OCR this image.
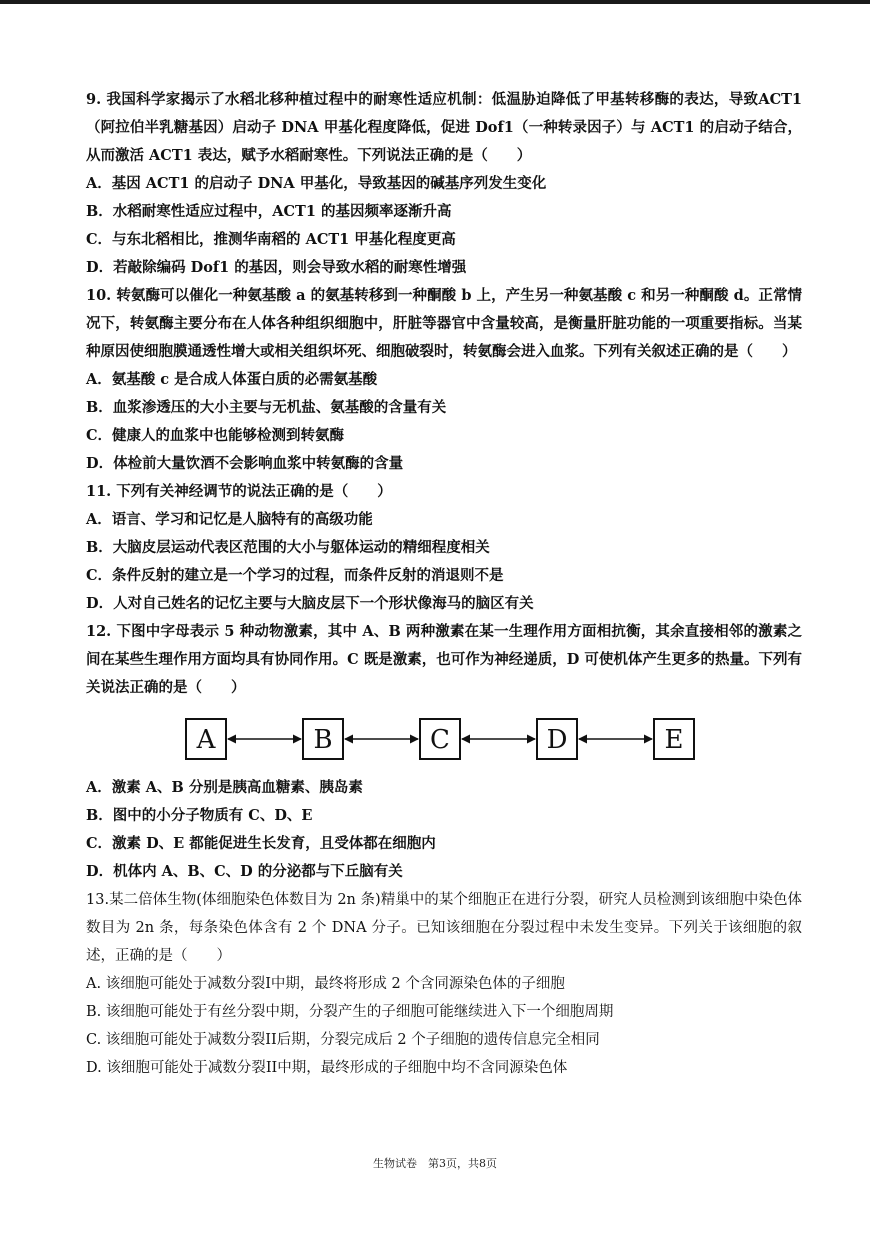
9. 我国科学家揭示了水稻北移种植过程中的耐寒性适应机制：低温胁迫降低了甲基转移酶的表达，导致ACT1（阿拉伯半乳糖基因）启动子 DNA 甲基化程度降低，促进 Dof1（一种转录因子）与 ACT1 的启动子结合，从而激活 ACT1 表达，赋予水稻耐寒性。下列说法正确的是（　　）

A．基因 ACT1 的启动子 DNA 甲基化，导致基因的碱基序列发生变化

B．水稻耐寒性适应过程中，ACT1 的基因频率逐渐升高

C．与东北稻相比，推测华南稻的 ACT1 甲基化程度更高

D．若敲除编码 Dof1 的基因，则会导致水稻的耐寒性增强

10. 转氨酶可以催化一种氨基酸 a 的氨基转移到一种酮酸 b 上，产生另一种氨基酸 c 和另一种酮酸 d。正常情况下，转氨酶主要分布在人体各种组织细胞中，肝脏等器官中含量较高，是衡量肝脏功能的一项重要指标。当某种原因使细胞膜通透性增大或相关组织坏死、细胞破裂时，转氨酶会进入血浆。下列有关叙述正确的是（　　）

A．氨基酸 c 是合成人体蛋白质的必需氨基酸

B．血浆渗透压的大小主要与无机盐、氨基酸的含量有关

C．健康人的血浆中也能够检测到转氨酶

D．体检前大量饮酒不会影响血浆中转氨酶的含量

11. 下列有关神经调节的说法正确的是（　　）

A．语言、学习和记忆是人脑特有的高级功能

B．大脑皮层运动代表区范围的大小与躯体运动的精细程度相关

C．条件反射的建立是一个学习的过程，而条件反射的消退则不是

D．人对自己姓名的记忆主要与大脑皮层下一个形状像海马的脑区有关

12. 下图中字母表示 5 种动物激素，其中 A、B 两种激素在某一生理作用方面相抗衡，其余直接相邻的激素之间在某些生理作用方面均具有协同作用。C 既是激素，也可作为神经递质，D 可使机体产生更多的热量。下列有关说法正确的是（　　）

A	B	C	D	E

A．激素 A、B 分别是胰高血糖素、胰岛素

B．图中的小分子物质有 C、D、E

C．激素 D、E 都能促进生长发育，且受体都在细胞内

D．机体内 A、B、C、D 的分泌都与下丘脑有关

13.某二倍体生物(体细胞染色体数目为 2n 条)精巢中的某个细胞正在进行分裂，研究人员检测到该细胞中染色体数目为 2n 条，每条染色体含有 2 个 DNA 分子。已知该细胞在分裂过程中未发生变异。下列关于该细胞的叙述，正确的是（　　）

A. 该细胞可能处于减数分裂I中期，最终将形成 2 个含同源染色体的子细胞

B. 该细胞可能处于有丝分裂中期，分裂产生的子细胞可能继续进入下一个细胞周期

C. 该细胞可能处于减数分裂II后期，分裂完成后 2 个子细胞的遗传信息完全相同

D. 该细胞可能处于减数分裂II中期，最终形成的子细胞中均不含同源染色体

生物试卷　第3页，共8页
